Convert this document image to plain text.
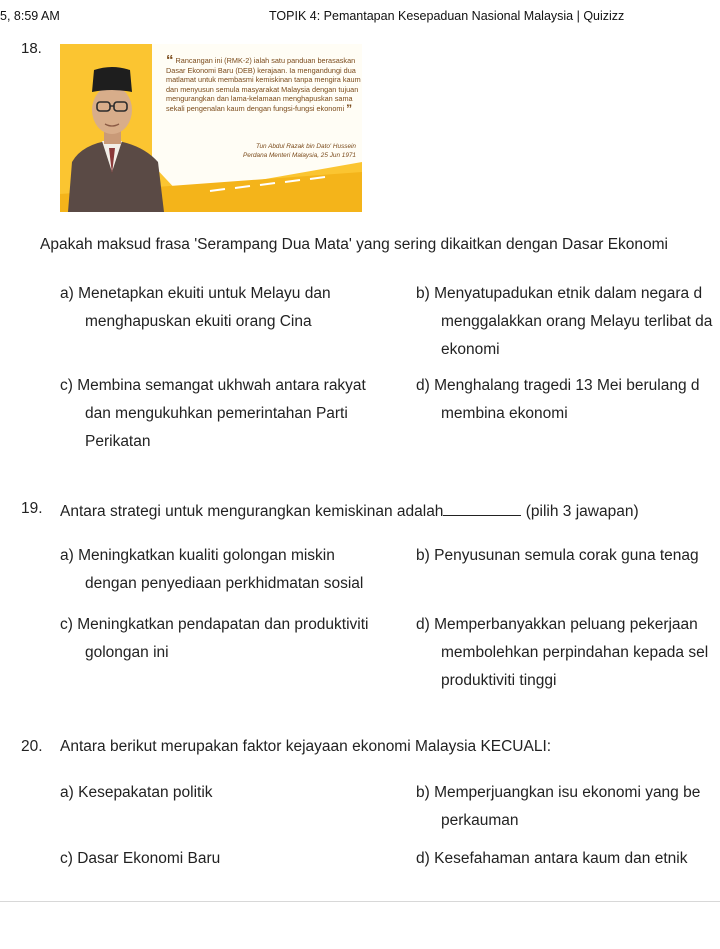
5, 8:59 AM	TOPIK 4: Pemantapan Kesepaduan Nasional Malaysia | Quizizz
18.
“ Rancangan ini (RMK-2) ialah satu panduan berasaskan Dasar Ekonomi Baru (DEB) kerajaan. Ia mengandungi dua matlamat untuk membasmi kemiskinan tanpa mengira kaum dan menyusun semula masyarakat Malaysia dengan tujuan mengurangkan dan lama-kelamaan menghapuskan sama sekali pengenalan kaum dengan fungsi-fungsi ekonomi ”
Tun Abdul Razak bin Dato' Hussein
Perdana Menteri Malaysia, 25 Jun 1971
Apakah maksud frasa 'Serampang Dua Mata' yang sering dikaitkan dengan Dasar Ekonomi
a) Menetapkan ekuiti untuk Melayu dan
menghapuskan ekuiti orang Cina
b) Menyatupadukan etnik dalam negara d
menggalakkan orang Melayu terlibat da
ekonomi
c) Membina semangat ukhwah antara rakyat
dan mengukuhkan pemerintahan Parti
Perikatan
d) Menghalang tragedi 13 Mei berulang d
membina ekonomi
19. Antara strategi untuk mengurangkan kemiskinan adalah	(pilih 3 jawapan)
a) Meningkatkan kualiti golongan miskin
dengan penyediaan perkhidmatan sosial
b) Penyusunan semula corak guna tenag
c) Meningkatkan pendapatan dan produktiviti
golongan ini
d) Memperbanyakkan peluang pekerjaan
membolehkan perpindahan kepada sel
produktiviti tinggi
20. Antara berikut merupakan faktor kejayaan ekonomi Malaysia KECUALI:
a) Kesepakatan politik	b) Memperjuangkan isu ekonomi yang be
perkauman
c) Dasar Ekonomi Baru	d) Kesefahaman antara kaum dan etnik
